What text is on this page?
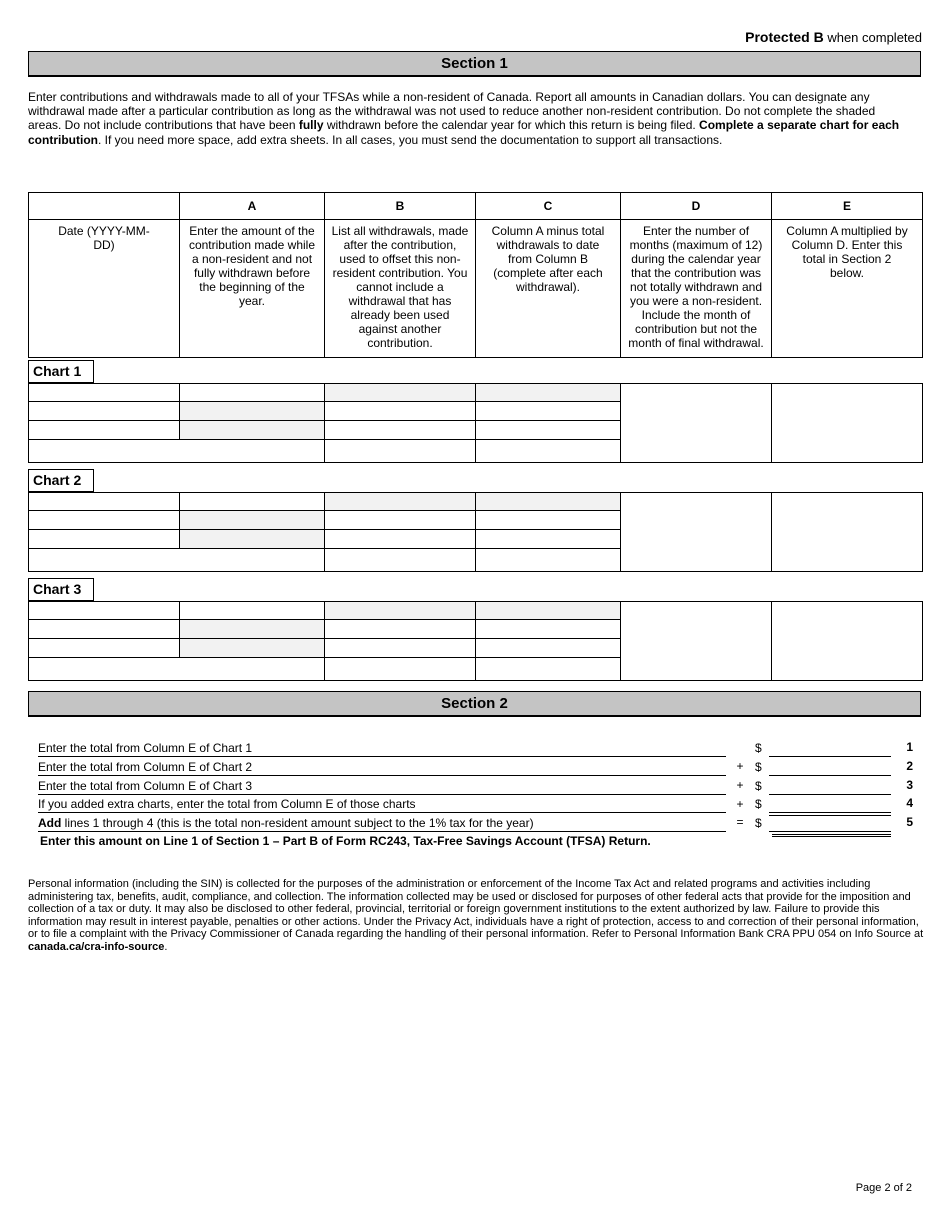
Protected B when completed
Section 1
Enter contributions and withdrawals made to all of your TFSAs while a non-resident of Canada. Report all amounts in Canadian dollars. You can designate any withdrawal made after a particular contribution as long as the withdrawal was not used to reduce another non-resident contribution. Do not complete the shaded areas. Do not include contributions that have been fully withdrawn before the calendar year for which this return is being filed. Complete a separate chart for each contribution. If you need more space, add extra sheets. In all cases, you must send the documentation to support all transactions.
	A	B	C	D	E
Date (YYYY-MM-DD)	Enter the amount of the contribution made while a non-resident and not fully withdrawn before the beginning of the year.	List all withdrawals, made after the contribution, used to offset this non-resident contribution. You cannot include a withdrawal that has already been used against another contribution.	Column A minus total withdrawals to date from Column B (complete after each withdrawal).	Enter the number of months (maximum of 12) during the calendar year that the contribution was not totally withdrawn and you were a non-resident. Include the month of contribution but not the month of final withdrawal.	Column A multiplied by Column D. Enter this total in Section 2 below.
Chart 1

Chart 2

Chart 3

Section 2
Enter the total from Column E of Chart 1	$	1
Enter the total from Column E of Chart 2	+ $	2
Enter the total from Column E of Chart 3	+ $	3
If you added extra charts, enter the total from Column E of those charts	+ $	4
Add lines 1 through 4 (this is the total non-resident amount subject to the 1% tax for the year)	= $	5
Enter this amount on Line 1 of Section 1 – Part B of Form RC243, Tax-Free Savings Account (TFSA) Return.
Personal information (including the SIN) is collected for the purposes of the administration or enforcement of the Income Tax Act and related programs and activities including administering tax, benefits, audit, compliance, and collection. The information collected may be used or disclosed for purposes of other federal acts that provide for the imposition and collection of a tax or duty. It may also be disclosed to other federal, provincial, territorial or foreign government institutions to the extent authorized by law. Failure to provide this information may result in interest payable, penalties or other actions. Under the Privacy Act, individuals have a right of protection, access to and correction of their personal information, or to file a complaint with the Privacy Commissioner of Canada regarding the handling of their personal information. Refer to Personal Information Bank CRA PPU 054 on Info Source at canada.ca/cra-info-source.
Page 2 of 2
